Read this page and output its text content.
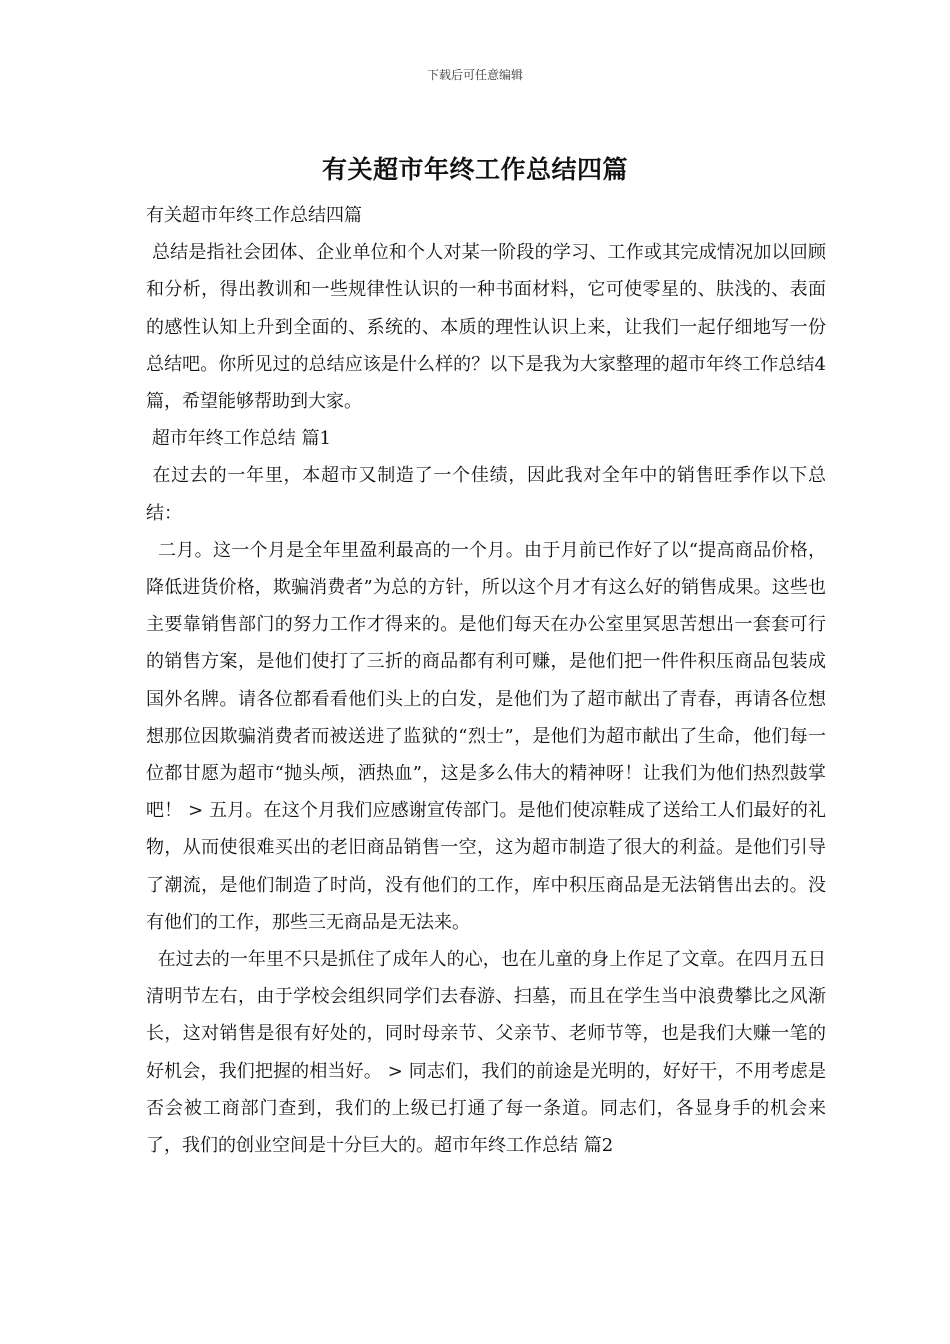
下载后可任意编辑
有关超市年终工作总结四篇

有关超市年终工作总结四篇

总结是指社会团体、企业单位和个人对某一阶段的学习、工作或其完成情况加以回顾和分析，得出教训和一些规律性认识的一种书面材料，它可使零星的、肤浅的、表面的感性认知上升到全面的、系统的、本质的理性认识上来，让我们一起仔细地写一份总结吧。你所见过的总结应该是什么样的？以下是我为大家整理的超市年终工作总结4篇，希望能够帮助到大家。

超市年终工作总结 篇1

在过去的一年里，本超市又制造了一个佳绩，因此我对全年中的销售旺季作以下总结：

二月。这一个月是全年里盈利最高的一个月。由于月前已作好了以“提高商品价格，降低进货价格，欺骗消费者”为总的方针，所以这个月才有这么好的销售成果。这些也主要靠销售部门的努力工作才得来的。是他们每天在办公室里冥思苦想出一套套可行的销售方案，是他们使打了三折的商品都有利可赚，是他们把一件件积压商品包装成国外名牌。请各位都看看他们头上的白发，是他们为了超市献出了青春，再请各位想想那位因欺骗消费者而被送进了监狱的“烈士”，是他们为超市献出了生命，他们每一位都甘愿为超市“抛头颅，洒热血”，这是多么伟大的精神呀！让我们为他们热烈鼓掌吧！ > 五月。在这个月我们应感谢宣传部门。是他们使凉鞋成了送给工人们最好的礼物，从而使很难买出的老旧商品销售一空，这为超市制造了很大的利益。是他们引导了潮流，是他们制造了时尚，没有他们的工作，库中积压商品是无法销售出去的。没有他们的工作，那些三无商品是无法来。

在过去的一年里不只是抓住了成年人的心，也在儿童的身上作足了文章。在四月五日清明节左右，由于学校会组织同学们去春游、扫墓，而且在学生当中浪费攀比之风渐长，这对销售是很有好处的，同时母亲节、父亲节、老师节等，也是我们大赚一笔的好机会，我们把握的相当好。 > 同志们，我们的前途是光明的，好好干，不用考虑是否会被工商部门查到，我们的上级已打通了每一条道。同志们，各显身手的机会来了，我们的创业空间是十分巨大的。超市年终工作总结 篇2
